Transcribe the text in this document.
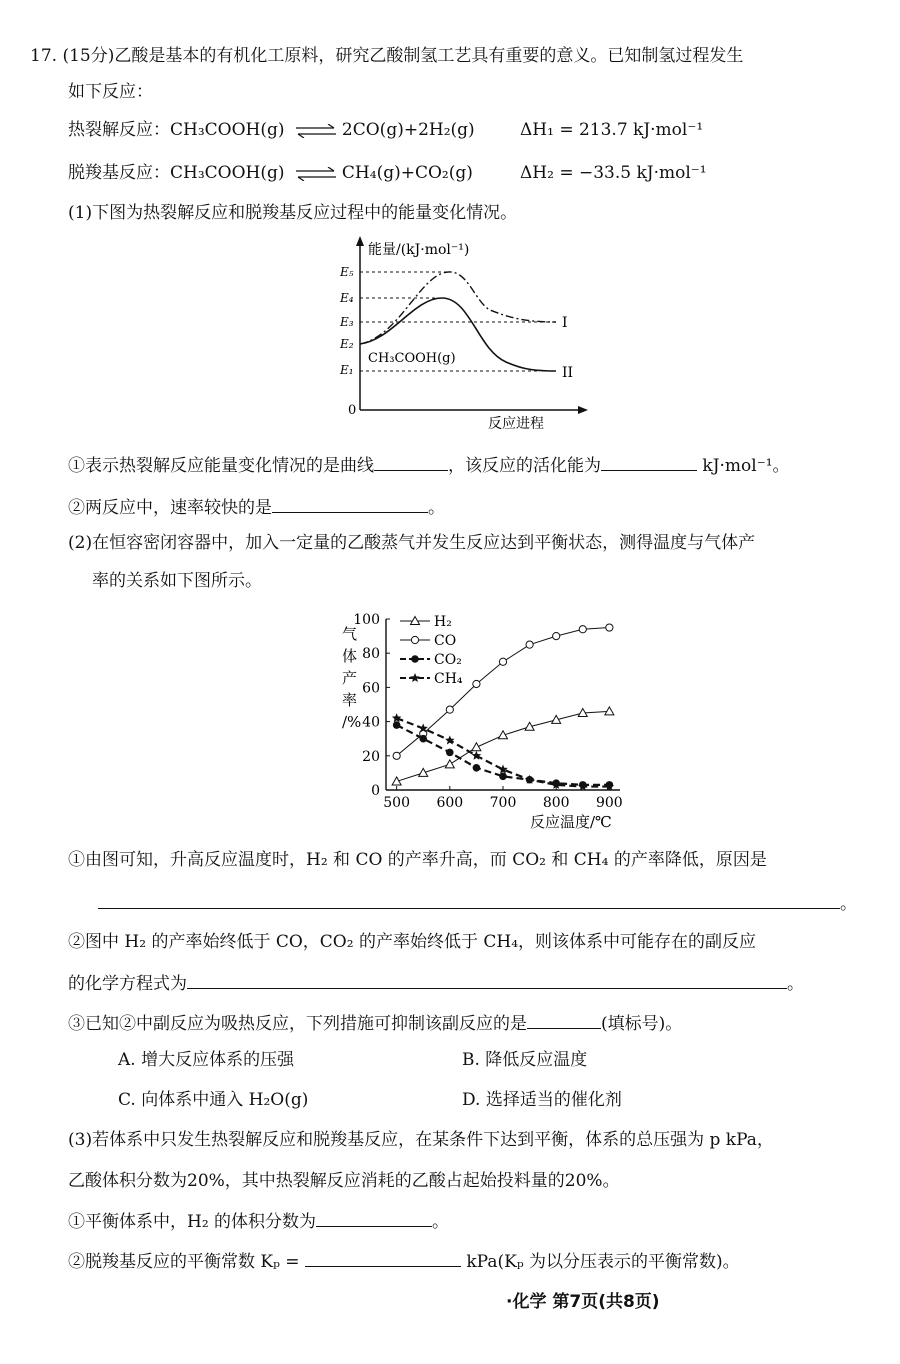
17. (15分)乙酸是基本的有机化工原料，研究乙酸制氢工艺具有重要的意义。已知制氢过程发生
如下反应：
热裂解反应：CH₃COOH(g) ⇌ 2CO(g)+2H₂(g)	ΔH₁ = 213.7 kJ·mol⁻¹
脱羧基反应：CH₃COOH(g) ⇌ CH₄(g)+CO₂(g)	ΔH₂ = −33.5 kJ·mol⁻¹
(1)下图为热裂解反应和脱羧基反应过程中的能量变化情况。
能量/(kJ·mol⁻¹)
反应进程
0
E₅
E₄
E₃
E₂
E₁
I
II
CH₃COOH(g)
①表示热裂解反应能量变化情况的是曲线	，该反应的活化能为	kJ·mol⁻¹。
②两反应中，速率较快的是	。
(2)在恒容密闭容器中，加入一定量的乙酸蒸气并发生反应达到平衡状态，测得温度与气体产
率的关系如下图所示。
气
体
产
率
/%
0
20
40
60
80
100
500 600 700 800 900
H₂
CO
CO₂
CH₄
反应温度/℃
①由图可知，升高反应温度时，H₂ 和 CO 的产率升高，而 CO₂ 和 CH₄ 的产率降低，原因是
。
②图中 H₂ 的产率始终低于 CO，CO₂ 的产率始终低于 CH₄，则该体系中可能存在的副反应
的化学方程式为	。
③已知②中副反应为吸热反应，下列措施可抑制该副反应的是	(填标号)。
A. 增大反应体系的压强	B. 降低反应温度
C. 向体系中通入 H₂O(g)	D. 选择适当的催化剂
(3)若体系中只发生热裂解反应和脱羧基反应，在某条件下达到平衡，体系的总压强为 p kPa，
乙酸体积分数为20%，其中热裂解反应消耗的乙酸占起始投料量的20%。
①平衡体系中，H₂ 的体积分数为	。
②脱羧基反应的平衡常数 Kₚ =	kPa(Kₚ 为以分压表示的平衡常数)。
·化学 第7页(共8页)
